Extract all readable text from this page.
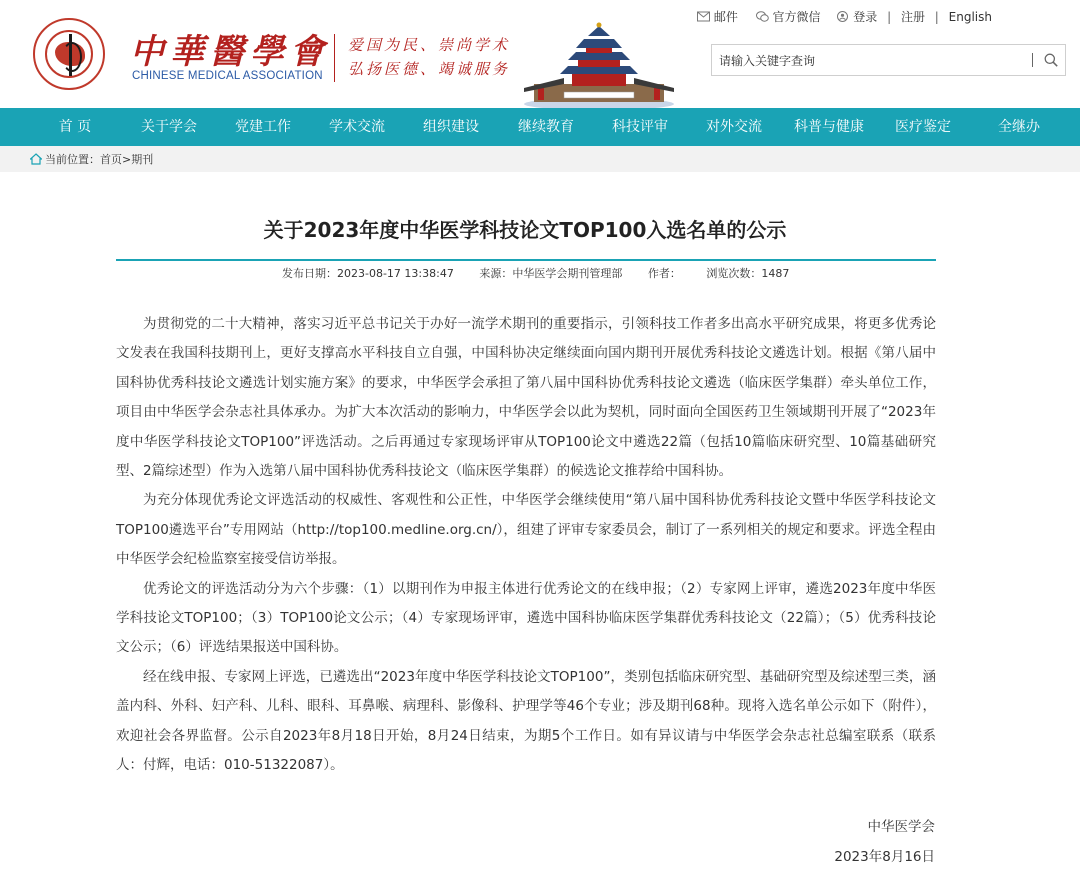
中華醫學會
CHINESE MEDICAL ASSOCIATION
爱国为民、崇尚学术
弘扬医德、竭诚服务
邮件	官方微信	登录 | 注册 | English
请输入关键字查询
首 页	关于学会	党建工作	学术交流	组织建设	继续教育	科技评审	对外交流	科普与健康	医疗鉴定	全继办
当前位置：首页>期刊
关于2023年度中华医学科技论文TOP100入选名单的公示
发布日期：2023-08-17 13:38:47 来源：中华医学会期刊管理部 作者： 浏览次数：1487

为贯彻党的二十大精神，落实习近平总书记关于办好一流学术期刊的重要指示，引领科技工作者多出高水平研究成果，将更多优秀论文发表在我国科技期刊上，更好支撑高水平科技自立自强，中国科协决定继续面向国内期刊开展优秀科技论文遴选计划。根据《第八届中国科协优秀科技论文遴选计划实施方案》的要求，中华医学会承担了第八届中国科协优秀科技论文遴选（临床医学集群）牵头单位工作，项目由中华医学会杂志社具体承办。为扩大本次活动的影响力，中华医学会以此为契机，同时面向全国医药卫生领域期刊开展了“2023年度中华医学科技论文TOP100”评选活动。之后再通过专家现场评审从TOP100论文中遴选22篇（包括10篇临床研究型、10篇基础研究型、2篇综述型）作为入选第八届中国科协优秀科技论文（临床医学集群）的候选论文推荐给中国科协。

为充分体现优秀论文评选活动的权威性、客观性和公正性，中华医学会继续使用“第八届中国科协优秀科技论文暨中华医学科技论文TOP100遴选平台”专用网站（http://top100.medline.org.cn/），组建了评审专家委员会，制订了一系列相关的规定和要求。评选全程由中华医学会纪检监察室接受信访举报。

优秀论文的评选活动分为六个步骤：（1）以期刊作为申报主体进行优秀论文的在线申报；（2）专家网上评审，遴选2023年度中华医学科技论文TOP100；（3）TOP100论文公示；（4）专家现场评审，遴选中国科协临床医学集群优秀科技论文（22篇）；（5）优秀科技论文公示；（6）评选结果报送中国科协。

经在线申报、专家网上评选，已遴选出“2023年度中华医学科技论文TOP100”，类别包括临床研究型、基础研究型及综述型三类，涵盖内科、外科、妇产科、儿科、眼科、耳鼻喉、病理科、影像科、护理学等46个专业；涉及期刊68种。现将入选名单公示如下（附件），欢迎社会各界监督。公示自2023年8月18日开始，8月24日结束，为期5个工作日。如有异议请与中华医学会杂志社总编室联系（联系人：付辉，电话：010-51322087）。

中华医学会
2023年8月16日
